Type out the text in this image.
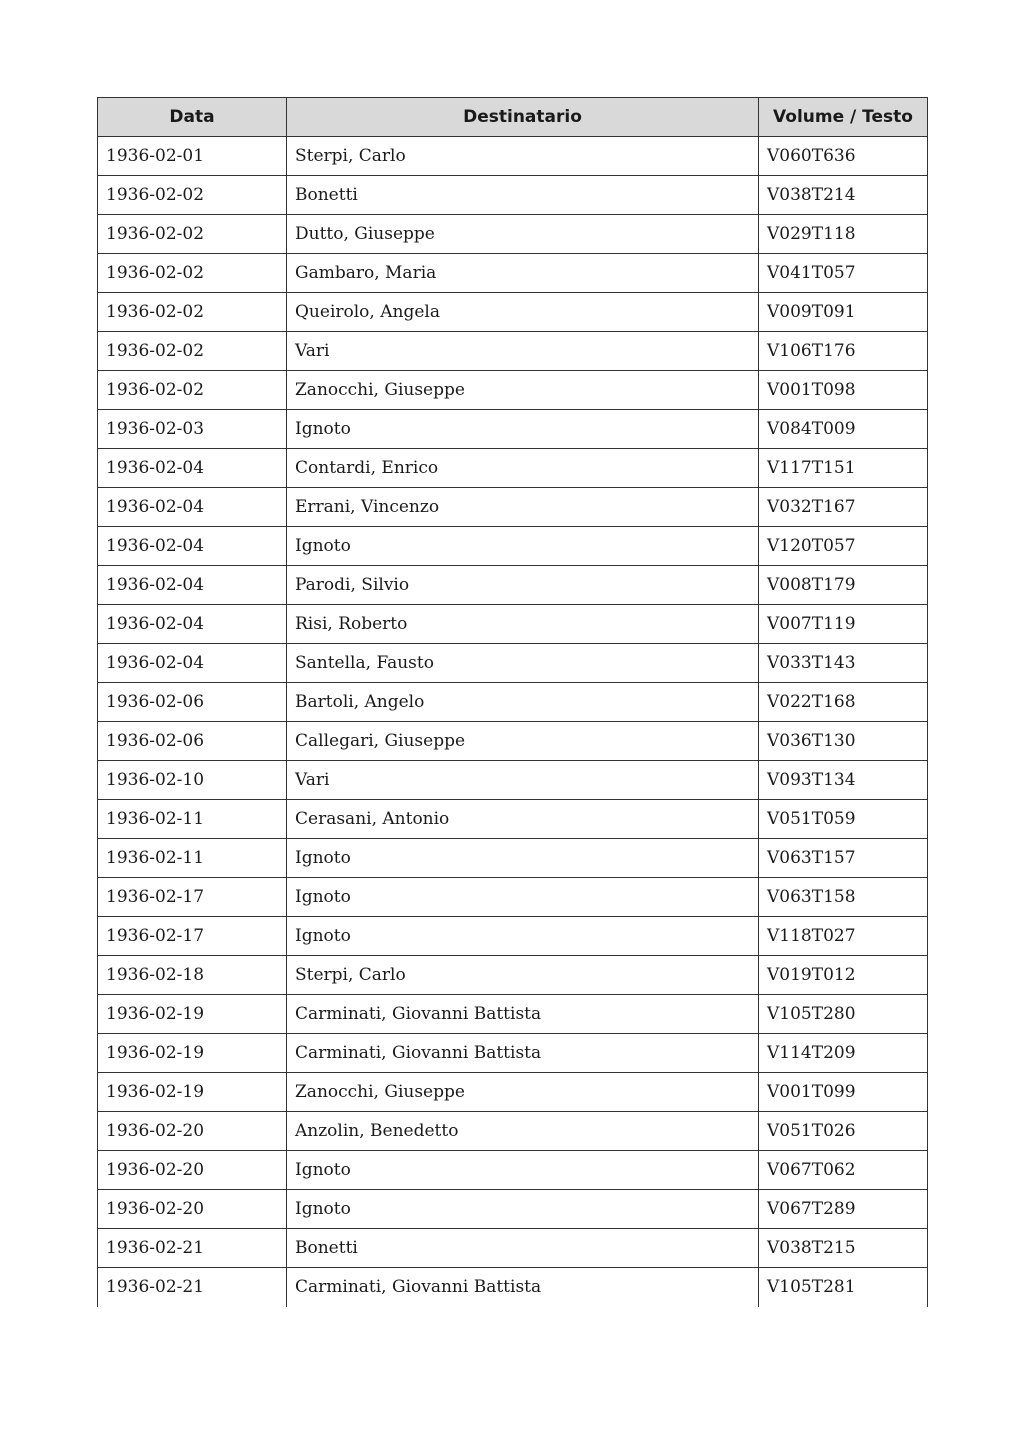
Data	Destinatario	Volume / Testo
1936-02-01	Sterpi, Carlo	V060T636
1936-02-02	Bonetti	V038T214
1936-02-02	Dutto, Giuseppe	V029T118
1936-02-02	Gambaro, Maria	V041T057
1936-02-02	Queirolo, Angela	V009T091
1936-02-02	Vari	V106T176
1936-02-02	Zanocchi, Giuseppe	V001T098
1936-02-03	Ignoto	V084T009
1936-02-04	Contardi, Enrico	V117T151
1936-02-04	Errani, Vincenzo	V032T167
1936-02-04	Ignoto	V120T057
1936-02-04	Parodi, Silvio	V008T179
1936-02-04	Risi, Roberto	V007T119
1936-02-04	Santella, Fausto	V033T143
1936-02-06	Bartoli, Angelo	V022T168
1936-02-06	Callegari, Giuseppe	V036T130
1936-02-10	Vari	V093T134
1936-02-11	Cerasani, Antonio	V051T059
1936-02-11	Ignoto	V063T157
1936-02-17	Ignoto	V063T158
1936-02-17	Ignoto	V118T027
1936-02-18	Sterpi, Carlo	V019T012
1936-02-19	Carminati, Giovanni Battista	V105T280
1936-02-19	Carminati, Giovanni Battista	V114T209
1936-02-19	Zanocchi, Giuseppe	V001T099
1936-02-20	Anzolin, Benedetto	V051T026
1936-02-20	Ignoto	V067T062
1936-02-20	Ignoto	V067T289
1936-02-21	Bonetti	V038T215
1936-02-21	Carminati, Giovanni Battista	V105T281
